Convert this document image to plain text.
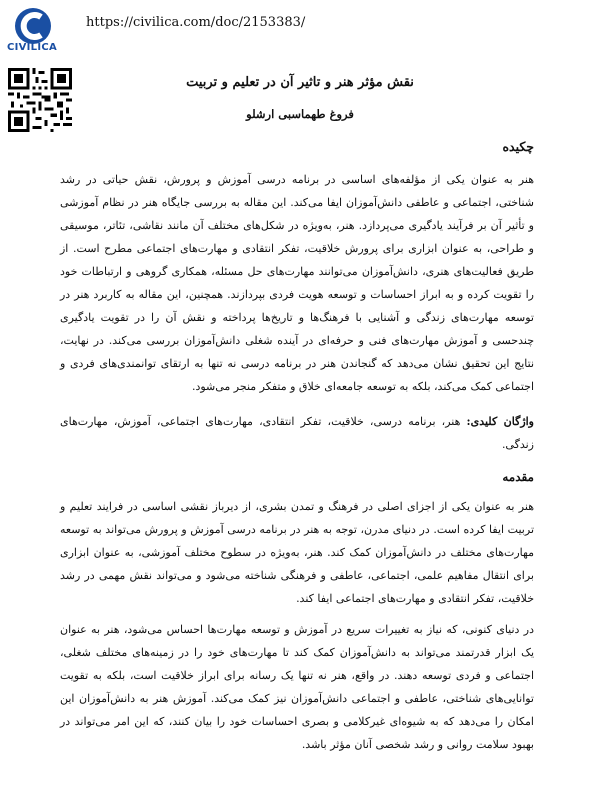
CIVILICA
https://civilica.com/doc/2153383/
نقش مؤثر هنر و تاثیر آن در تعلیم و تربیت
فروغ طهماسبی ارشلو
چکیده

هنر به عنوان یکی از مؤلفه‌های اساسی در برنامه درسی آموزش و پرورش، نقش حیاتی در رشد شناختی، اجتماعی و عاطفی دانش‌آموزان ایفا می‌کند. این مقاله به بررسی جایگاه هنر در نظام آموزشی و تأثیر آن بر فرآیند یادگیری می‌پردازد. هنر، به‌ویژه در شکل‌های مختلف آن مانند نقاشی، تئاتر، موسیقی و طراحی، به عنوان ابزاری برای پرورش خلاقیت، تفکر انتقادی و مهارت‌های اجتماعی مطرح است. از طریق فعالیت‌های هنری، دانش‌آموزان می‌توانند مهارت‌های حل مسئله، همکاری گروهی و ارتباطات خود را تقویت کرده و به ابراز احساسات و توسعه هویت فردی بپردازند. همچنین، این مقاله به کاربرد هنر در توسعه مهارت‌های زندگی و آشنایی با فرهنگ‌ها و تاریخ‌ها پرداخته و نقش آن را در تقویت یادگیری چندحسی و آموزش مهارت‌های فنی و حرفه‌ای در آینده شغلی دانش‌آموزان بررسی می‌کند. در نهایت، نتایج این تحقیق نشان می‌دهد که گنجاندن هنر در برنامه درسی نه تنها به ارتقای توانمندی‌های فردی و اجتماعی کمک می‌کند، بلکه به توسعه جامعه‌ای خلاق و متفکر منجر می‌شود.

واژگان کلیدی: هنر، برنامه درسی، خلاقیت، تفکر انتقادی، مهارت‌های اجتماعی، آموزش، مهارت‌های زندگی.

مقدمه

هنر به عنوان یکی از اجزای اصلی در فرهنگ و تمدن بشری، از دیرباز نقشی اساسی در فرایند تعلیم و تربیت ایفا کرده است. در دنیای مدرن، توجه به هنر در برنامه درسی آموزش و پرورش می‌تواند به توسعه مهارت‌های مختلف در دانش‌آموزان کمک کند. هنر، به‌ویژه در سطوح مختلف آموزشی، به عنوان ابزاری برای انتقال مفاهیم علمی، اجتماعی، عاطفی و فرهنگی شناخته می‌شود و می‌تواند نقش مهمی در رشد خلاقیت، تفکر انتقادی و مهارت‌های اجتماعی ایفا کند.

در دنیای کنونی، که نیاز به تغییرات سریع در آموزش و توسعه مهارت‌ها احساس می‌شود، هنر به عنوان یک ابزار قدرتمند می‌تواند به دانش‌آموزان کمک کند تا مهارت‌های خود را در زمینه‌های مختلف شغلی، اجتماعی و فردی توسعه دهند. در واقع، هنر نه تنها یک رسانه برای ابراز خلاقیت است، بلکه به تقویت توانایی‌های شناختی، عاطفی و اجتماعی دانش‌آموزان نیز کمک می‌کند. آموزش هنر به دانش‌آموزان این امکان را می‌دهد که به شیوه‌ای غیرکلامی و بصری احساسات خود را بیان کنند، که این امر می‌تواند در بهبود سلامت روانی و رشد شخصی آنان مؤثر باشد.
